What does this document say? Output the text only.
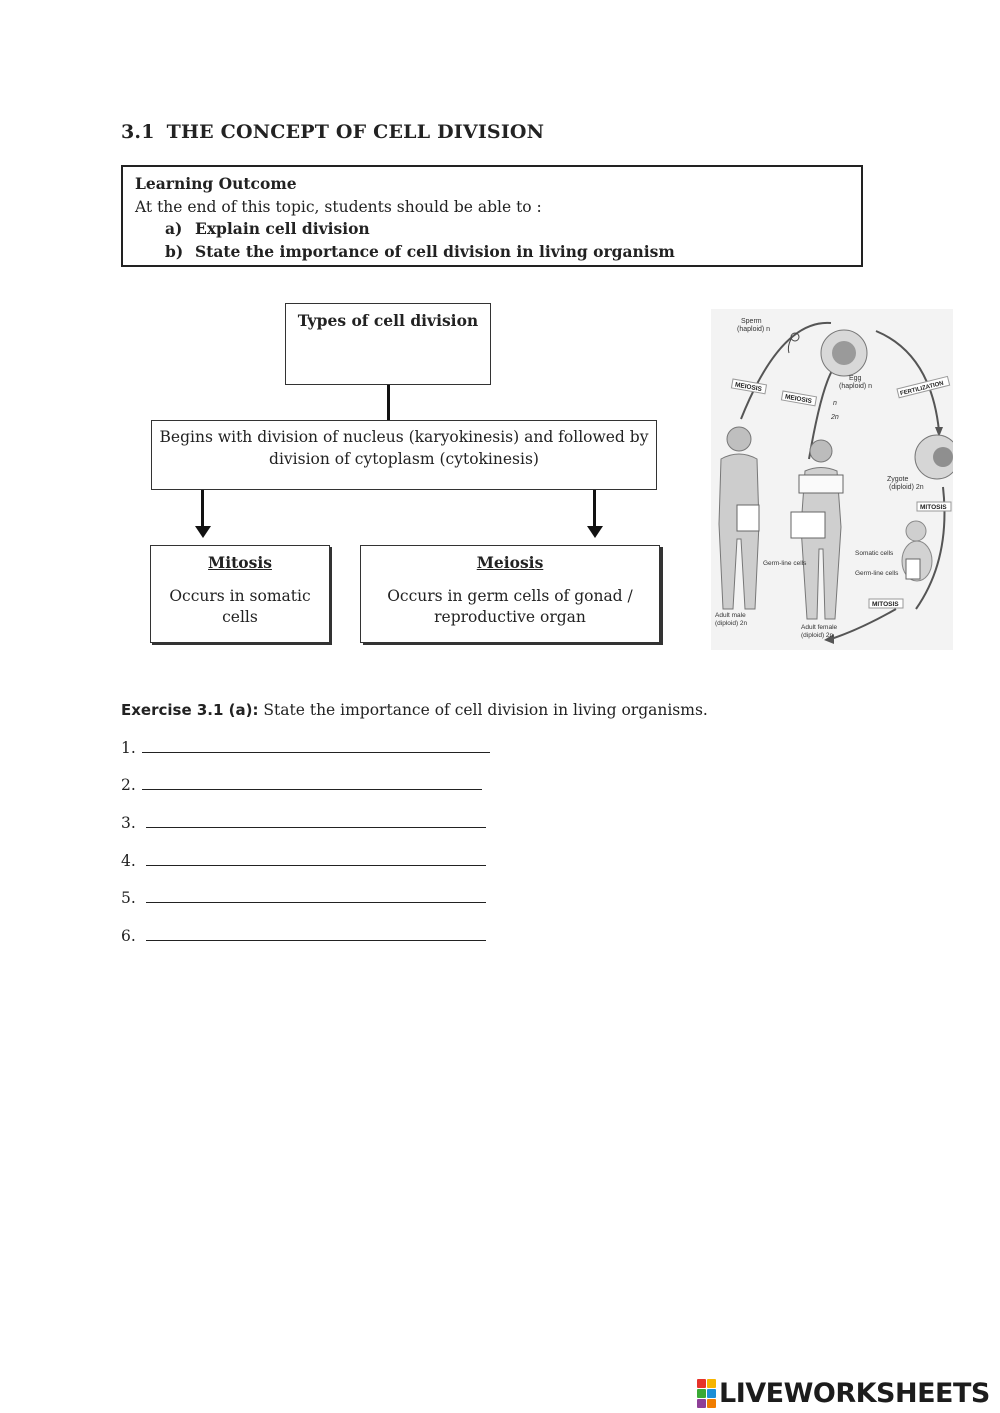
3.1 THE CONCEPT OF CELL DIVISION
Learning Outcome
At the end of this topic, students should be able to :
a) Explain cell division
b) State the importance of cell division in living organism
Types of cell division
Begins with division of nucleus (karyokinesis) and followed by division of cytoplasm (cytokinesis)
Mitosis
Occurs in somatic cells
Meiosis
Occurs in germ cells of gonad / reproductive organ
Sperm
(haploid) n
Egg
(haploid) n
MEIOSIS
MEIOSIS
FERTILIZATION
n
2n
Zygote
(diploid) 2n
MITOSIS
Somatic cells
Germ-line cells
MITOSIS
Adult male
(diploid) 2n
Germ-line cells
Adult female
(diploid) 2n
Exercise 3.1 (a): State the importance of cell division in living organisms.
1.
2.
3.
4.
5.
6.
LIVEWORKSHEETS
